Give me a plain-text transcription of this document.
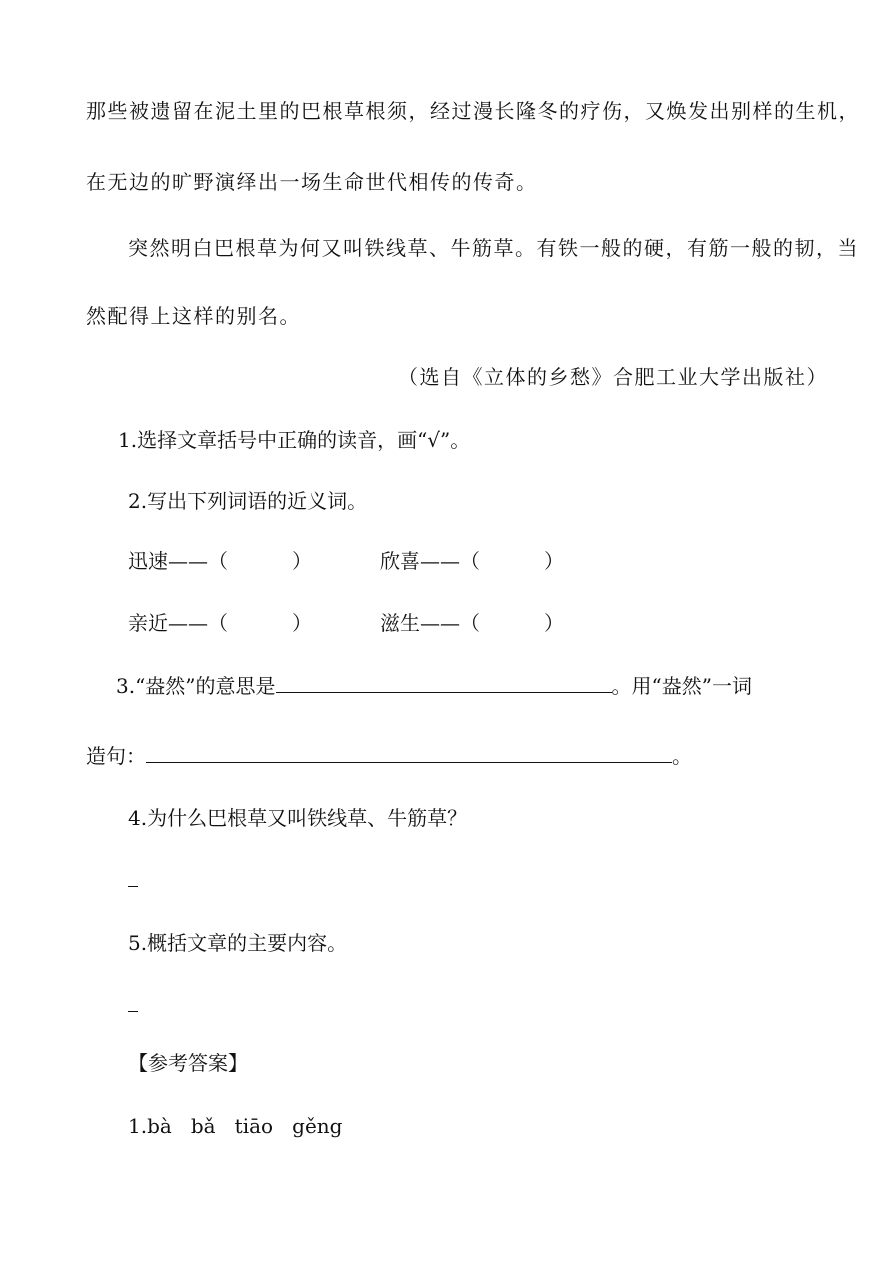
那些被遗留在泥土里的巴根草根须，经过漫长隆冬的疗伤，又焕发出别样的生机，
在无边的旷野演绎出一场生命世代相传的传奇。
突然明白巴根草为何又叫铁线草、牛筋草。有铁一般的硬，有筋一般的韧，当
然配得上这样的别名。
（选自《立体的乡愁》合肥工业大学出版社）
1.选择文章括号中正确的读音，画“√”。
2.写出下列词语的近义词。
迅速——（	）	欣喜——（	）
亲近——（	）	滋生——（	）
3.“盎然”的意思是	。用“盎然”一词
造句：	。
4.为什么巴根草又叫铁线草、牛筋草？
5.概括文章的主要内容。
【参考答案】
1.bà   bǎ   tiāo   gěng
